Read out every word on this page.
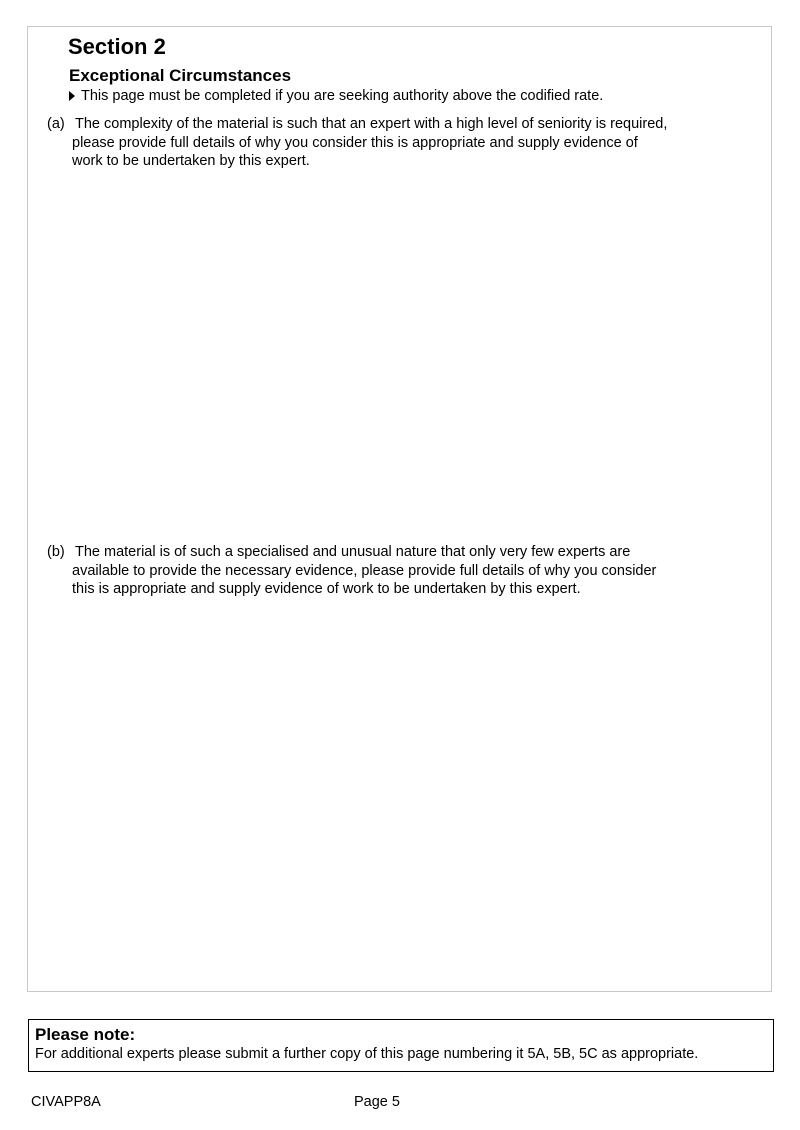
Section 2
Exceptional Circumstances
This page must be completed if you are seeking authority above the codified rate.
(a) The complexity of the material is such that an expert with a high level of seniority is required,
please provide full details of why you consider this is appropriate and supply evidence of
work to be undertaken by this expert.
(b) The material is of such a specialised and unusual nature that only very few experts are
available to provide the necessary evidence, please provide full details of why you consider
this is appropriate and supply evidence of work to be undertaken by this expert.
Please note:
For additional experts please submit a further copy of this page numbering it 5A, 5B, 5C as appropriate.
CIVAPP8A	Page 5
